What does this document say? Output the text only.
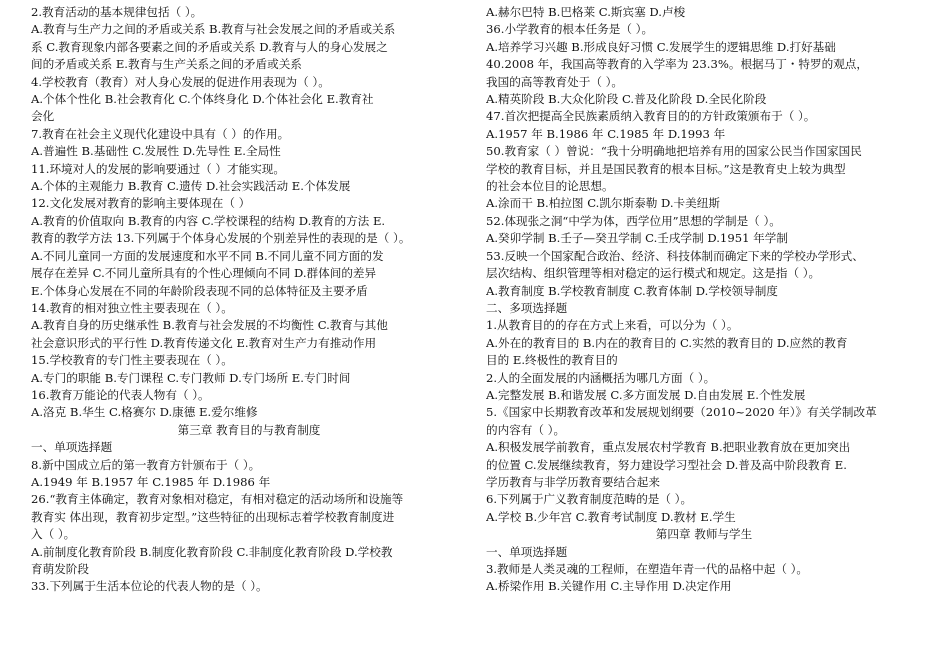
2.教育活动的基本规律包括（ ）。
A.教育与生产力之间的矛盾或关系 B.教育与社会发展之间的矛盾或关系
系 C.教育现象内部各要素之间的矛盾或关系 D.教育与人的身心发展之
间的矛盾或关系 E.教育与生产关系之间的矛盾或关系
4.学校教育（教育）对人身心发展的促进作用表现为（ ）。
A.个体个性化 B.社会教育化 C.个体终身化 D.个体社会化 E.教育社
会化
7.教育在社会主义现代化建设中具有（ ）的作用。
A.普遍性 B.基础性 C.发展性 D.先导性 E.全局性
11.环境对人的发展的影响要通过（ ）才能实现。
A.个体的主观能力 B.教育 C.遗传 D.社会实践活动 E.个体发展
12.文化发展对教育的影响主要体现在（ ）
A.教育的价值取向 B.教育的内容 C.学校课程的结构 D.教育的方法 E.
教育的教学方法 13.下列属于个体身心发展的个别差异性的表现的是（ ）。
A.不同儿童同一方面的发展速度和水平不同 B.不同儿童不同方面的发
展存在差异 C.不同儿童所具有的个性心理倾向不同 D.群体间的差异
E.个体身心发展在不同的年龄阶段表现不同的总体特征及主要矛盾
14.教育的相对独立性主要表现在（ ）。
A.教育自身的历史继承性 B.教育与社会发展的不均衡性 C.教育与其他
社会意识形式的平行性 D.教育传递文化 E.教育对生产力有推动作用
15.学校教育的专门性主要表现在（ ）。
A.专门的职能 B.专门课程 C.专门教师 D.专门场所 E.专门时间
16.教育万能论的代表人物有（ ）。
A.洛克 B.华生 C.格赛尔 D.康德 E.爱尔维修
第三章 教育目的与教育制度
一、单项选择题
8.新中国成立后的第一教育方针颁布于（ ）。
A.1949 年 B.1957 年 C.1985 年 D.1986 年
26.“教育主体确定，教育对象相对稳定，有相对稳定的活动场所和设施等
教育实 体出现，教育初步定型。”这些特征的出现标志着学校教育制度进
入（ ）。
A.前制度化教育阶段 B.制度化教育阶段 C.非制度化教育阶段 D.学校教
育萌发阶段
33.下列属于生活本位论的代表人物的是（ ）。
A.赫尔巴特 B.巴格莱 C.斯宾塞 D.卢梭
36.小学教育的根本任务是（ ）。
A.培养学习兴趣 B.形成良好习惯 C.发展学生的逻辑思维 D.打好基础
40.2008 年，我国高等教育的入学率为 23.3%。根据马丁・特罗的观点，
我国的高等教育处于（ ）。
A.精英阶段 B.大众化阶段 C.普及化阶段 D.全民化阶段
47.首次把提高全民族素质纳入教育目的的方针政策颁布于（ ）。
A.1957 年 B.1986 年 C.1985 年 D.1993 年
50.教育家（ ）曾说：“我十分明确地把培养有用的国家公民当作国家国民
学校的教育目标，并且是国民教育的根本目标。”这是教育史上较为典型
的社会本位目的论思想。
A.涂而干 B.柏拉图 C.凯尔斯泰勒 D.卡美纽斯
52.体现张之洞“中学为体，西学位用”思想的学制是（ ）。
A.癸卯学制 B.壬子—癸丑学制 C.壬戌学制 D.1951 年学制
53.反映一个国家配合政治、经济、科技体制而确定下来的学校办学形式、
层次结构、组织管理等相对稳定的运行模式和规定。这是指（ ）。
A.教育制度 B.学校教育制度 C.教育体制 D.学校领导制度
二、多项选择题
1.从教育目的的存在方式上来看，可以分为（ ）。
A.外在的教育目的 B.内在的教育目的 C.实然的教育目的 D.应然的教育
目的 E.终极性的教育目的
2.人的全面发展的内涵概括为哪几方面（ ）。
A.完整发展 B.和谐发展 C.多方面发展 D.自由发展 E.个性发展
5.《国家中长期教育改革和发展规划纲要（2010~2020 年）》有关学制改革
的内容有（ ）。
A.积极发展学前教育，重点发展农村学教育 B.把职业教育放在更加突出
的位置 C.发展继续教育，努力建设学习型社会 D.普及高中阶段教育 E.
学历教育与非学历教育要结合起来
6.下列属于广义教育制度范畴的是（ ）。
A.学校 B.少年宫 C.教育考试制度 D.教材 E.学生
第四章 教师与学生
一、单项选择题
3.教师是人类灵魂的工程师，在塑造年青一代的品格中起（ ）。
A.桥梁作用 B.关键作用 C.主导作用 D.决定作用
